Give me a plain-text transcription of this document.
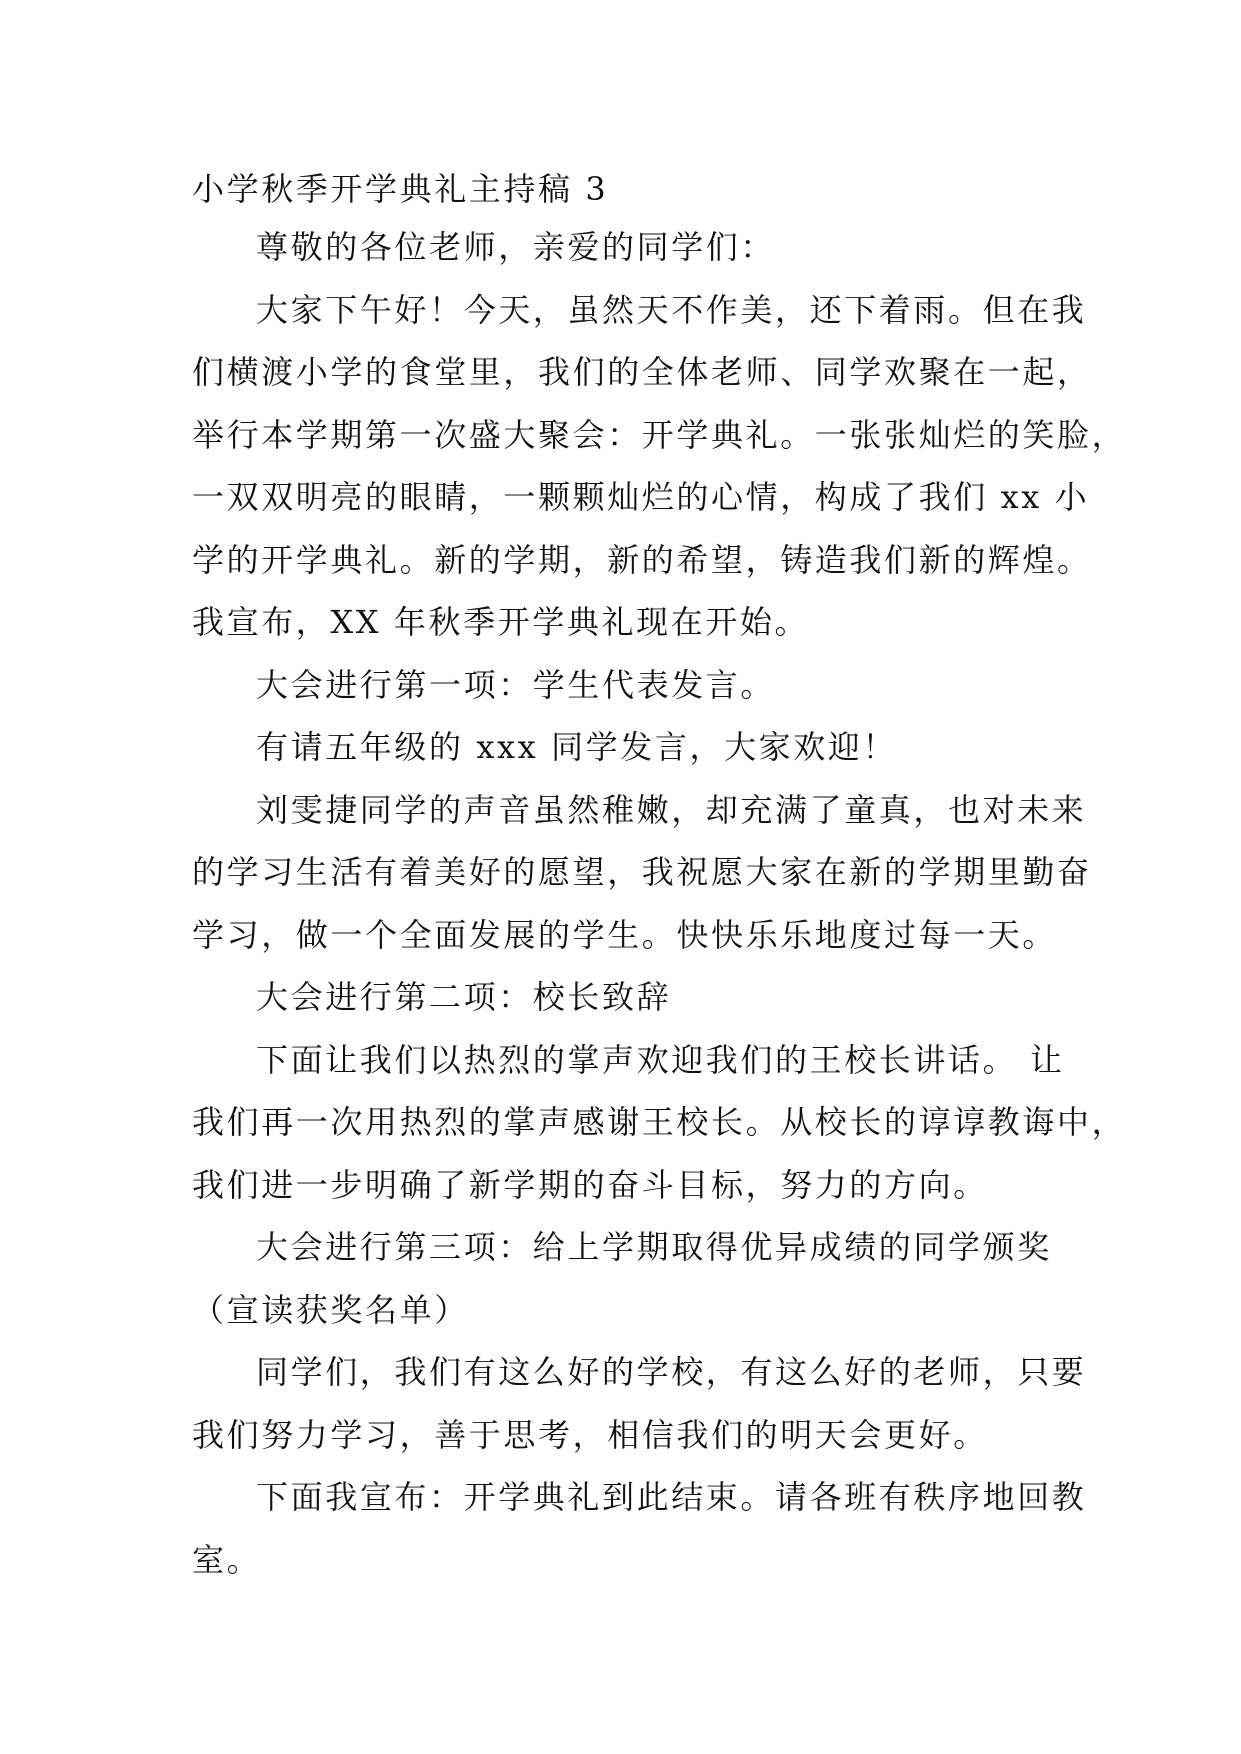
小学秋季开学典礼主持稿 3
尊敬的各位老师，亲爱的同学们：
大家下午好！今天，虽然天不作美，还下着雨。但在我
们横渡小学的食堂里，我们的全体老师、同学欢聚在一起，
举行本学期第一次盛大聚会：开学典礼。一张张灿烂的笑脸，
一双双明亮的眼睛，一颗颗灿烂的心情，构成了我们 xx 小
学的开学典礼。新的学期，新的希望，铸造我们新的辉煌。
我宣布，XX 年秋季开学典礼现在开始。
大会进行第一项：学生代表发言。
有请五年级的 xxx 同学发言，大家欢迎！
刘雯捷同学的声音虽然稚嫩，却充满了童真，也对未来
的学习生活有着美好的愿望，我祝愿大家在新的学期里勤奋
学习，做一个全面发展的学生。快快乐乐地度过每一天。
大会进行第二项：校长致辞
下面让我们以热烈的掌声欢迎我们的王校长讲话。 让
我们再一次用热烈的掌声感谢王校长。从校长的谆谆教诲中，
我们进一步明确了新学期的奋斗目标，努力的方向。
大会进行第三项：给上学期取得优异成绩的同学颁奖
（宣读获奖名单）
同学们，我们有这么好的学校，有这么好的老师，只要
我们努力学习，善于思考，相信我们的明天会更好。
下面我宣布：开学典礼到此结束。请各班有秩序地回教
室。
